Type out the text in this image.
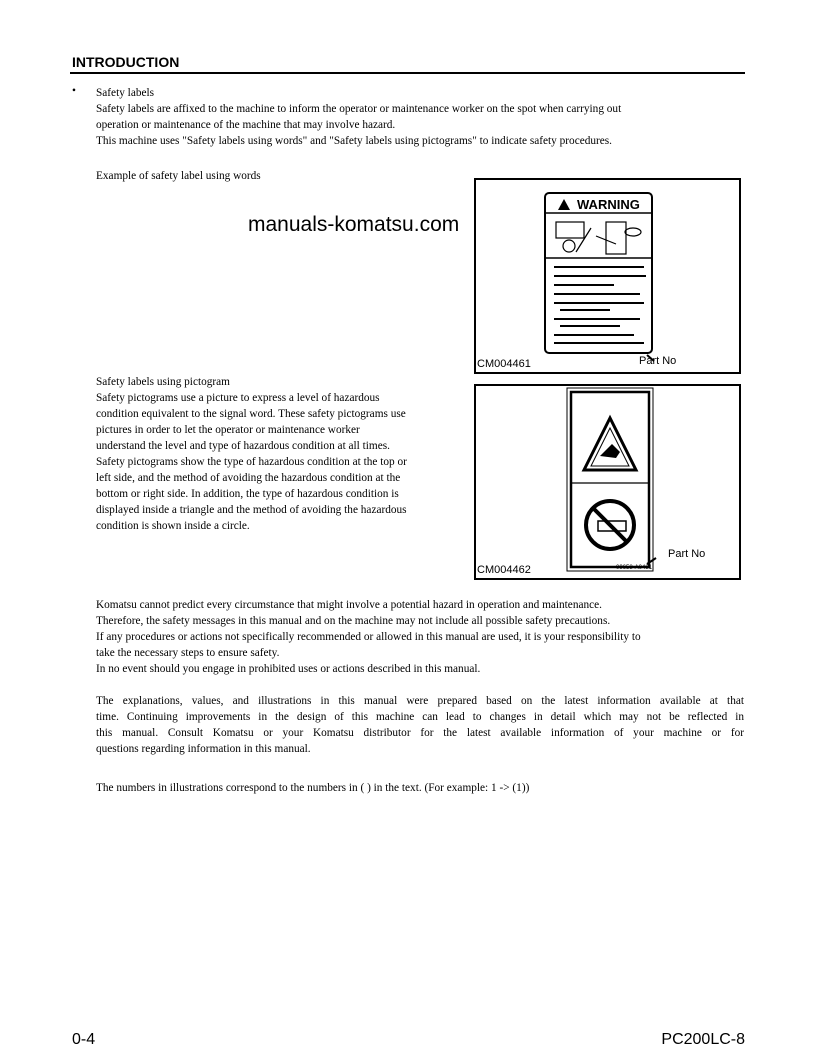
INTRODUCTION
• Safety labels
Safety labels are affixed to the machine to inform the operator or maintenance worker on the spot when carrying out
operation or maintenance of the machine that may involve hazard.
This machine uses "Safety labels using words" and "Safety labels using pictograms" to indicate safety procedures.
Example of safety label using words
manuals-komatsu.com
WARNING
CM004461	Part No
Safety labels using pictogram
Safety pictograms use a picture to express a level of hazardous
condition equivalent to the signal word. These safety pictograms use
pictures in order to let the operator or maintenance worker
understand the level and type of hazardous condition at all times.
Safety pictograms show the type of hazardous condition at the top or
left side, and the method of avoiding the hazardous condition at the
bottom or right side. In addition, the type of hazardous condition is
displayed inside a triangle and the method of avoiding the hazardous
condition is shown inside a circle.
09658-A0481
CM004462
Part No
Komatsu cannot predict every circumstance that might involve a potential hazard in operation and maintenance.
Therefore, the safety messages in this manual and on the machine may not include all possible safety precautions.
If any procedures or actions not specifically recommended or allowed in this manual are used, it is your responsibility to
take the necessary steps to ensure safety.
In no event should you engage in prohibited uses or actions described in this manual.
The explanations, values, and illustrations in this manual were prepared based on the latest information available at that
time. Continuing improvements in the design of this machine can lead to changes in detail which may not be reflected in
this manual. Consult Komatsu or your Komatsu distributor for the latest available information of your machine or for
questions regarding information in this manual.
The numbers in illustrations correspond to the numbers in ( ) in the text. (For example: 1 -> (1))
0-4	PC200LC-8
